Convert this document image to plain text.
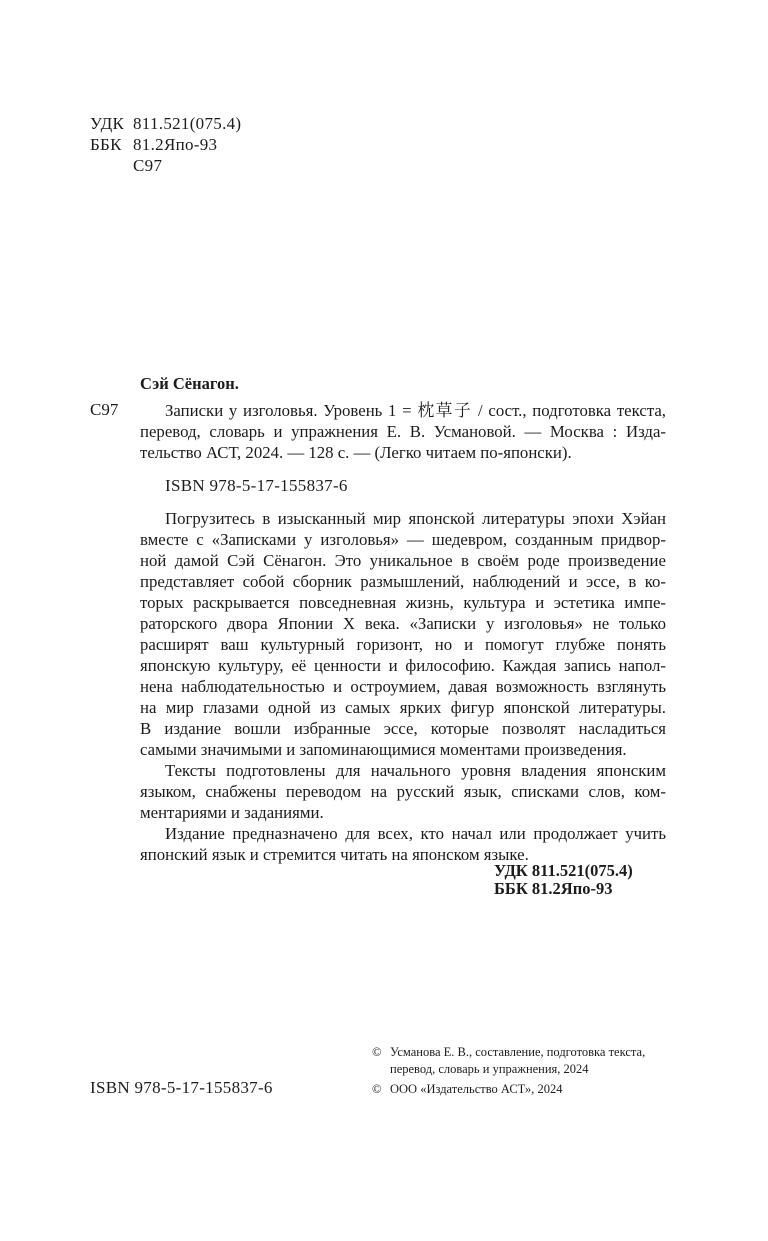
УДК 811.521(075.4)
ББК 81.2Япо-93
С97
Сэй Сёнагон.
С97	Записки у изголовья. Уровень 1 = 枕草子 / сост., подготовка текста,
перевод, словарь и упражнения Е. В. Усмановой. — Москва : Изда-
тельство АСТ, 2024. — 128 с. — (Легко читаем по-японски).
ISBN 978-5-17-155837-6
Погрузитесь в изысканный мир японской литературы эпохи Хэйан
вместе с «Записками у изголовья» — шедевром, созданным придвор-
ной дамой Сэй Сёнагон. Это уникальное в своём роде произведение
представляет собой сборник размышлений, наблюдений и эссе, в ко-
торых раскрывается повседневная жизнь, культура и эстетика импе-
раторского двора Японии X века. «Записки у изголовья» не только
расширят ваш культурный горизонт, но и помогут глубже понять
японскую культуру, её ценности и философию. Каждая запись напол-
нена наблюдательностью и остроумием, давая возможность взглянуть
на мир глазами одной из самых ярких фигур японской литературы.
В издание вошли избранные эссе, которые позволят насладиться
самыми значимыми и запоминающимися моментами произведения.
Тексты подготовлены для начального уровня владения японским
языком, снабжены переводом на русский язык, списками слов, ком-
ментариями и заданиями.
Издание предназначено для всех, кто начал или продолжает учить
японский язык и стремится читать на японском языке.
УДК 811.521(075.4)
ББК 81.2Япо-93
ISBN 978-5-17-155837-6
© Усманова Е. В., составление, подготовка текста,
перевод, словарь и упражнения, 2024
© ООО «Издательство АСТ», 2024
